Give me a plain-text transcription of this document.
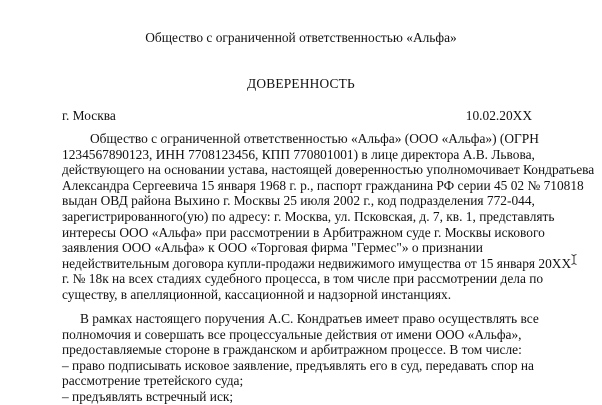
Общество с ограниченной ответственностью «Альфа»
ДОВЕРЕННОСТЬ
г. Москва	10.02.20XX
Общество с ограниченной ответственностью «Альфа» (ООО «Альфа») (ОГРН
1234567890123, ИНН 7708123456, КПП 770801001) в лице директора А.В. Львова,
действующего на основании устава, настоящей доверенностью уполномочивает Кондратьева
Александра Сергеевича 15 января 1968 г. р., паспорт гражданина РФ серии 45 02 № 710818
выдан ОВД района Выхино г. Москвы 25 июля 2002 г., код подразделения 772-044,
зарегистрированного(ую) по адресу: г. Москва, ул. Псковская, д. 7, кв. 1, представлять
интересы ООО «Альфа» при рассмотрении в Арбитражном суде г. Москвы искового
заявления ООО «Альфа» к ООО «Торговая фирма "Гермес"» о признании
недействительным договора купли-продажи недвижимого имущества от 15 января 20XX
г. № 18к на всех стадиях судебного процесса, в том числе при рассмотрении дела по
существу, в апелляционной, кассационной и надзорной инстанциях.
В рамках настоящего поручения А.С. Кондратьев имеет право осуществлять все
полномочия и совершать все процессуальные действия от имени ООО «Альфа»,
предоставляемые стороне в гражданском и арбитражном процессе. В том числе:
– право подписывать исковое заявление, предъявлять его в суд, передавать спор на
рассмотрение третейского суда;
– предъявлять встречный иск;
